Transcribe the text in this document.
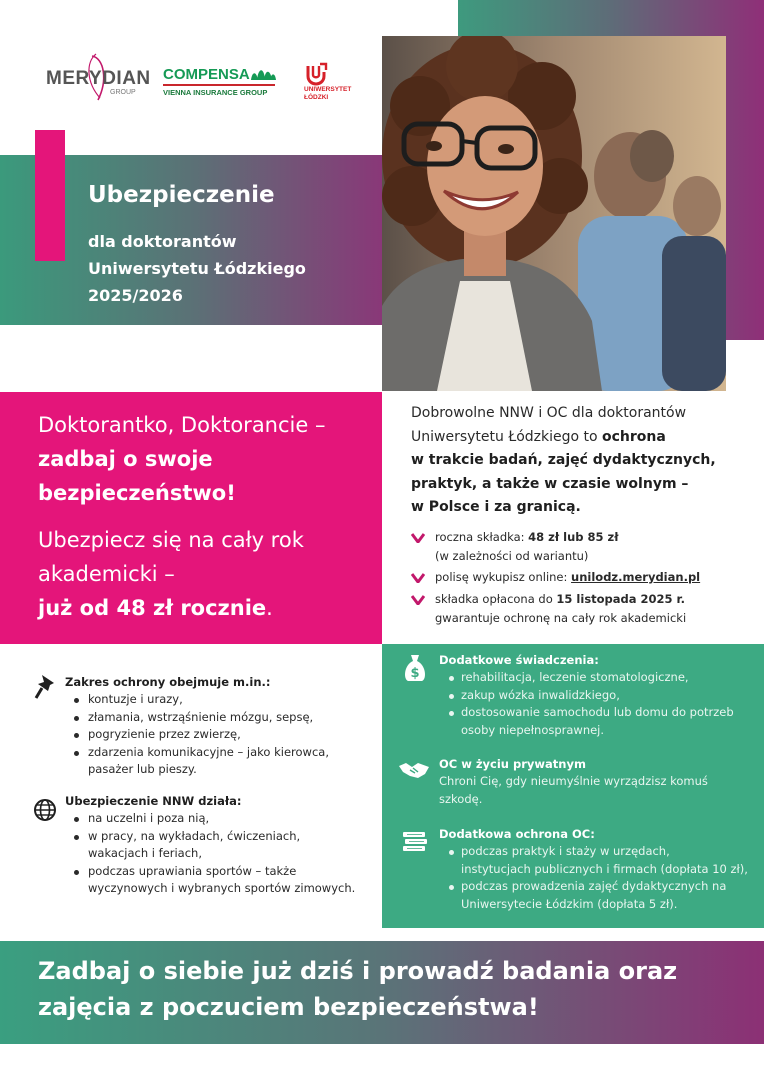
MERYDIAN
GROUP
COMPENSA
VIENNA INSURANCE GROUP	UNIWERSYTET
ŁÓDZKI
Ubezpieczenie
dla doktorantów
Uniwersytetu Łódzkiego
2025/2026
Doktorantko, Doktorancie –
zadbaj o swoje
bezpieczeństwo!
Ubezpiecz się na cały rok
akademicki –
już od 48 zł rocznie.
Dobrowolne NNW i OC dla doktorantów
Uniwersytetu Łódzkiego to ochrona
w trakcie badań, zajęć dydaktycznych,
praktyk, a także w czasie wolnym –
w Polsce i za granicą.
roczna składka: 48 zł lub 85 zł
(w zależności od wariantu)
polisę wykupisz online: unilodz.merydian.pl
składka opłacona do 15 listopada 2025 r.
gwarantuje ochronę na cały rok akademicki
Zakres ochrony obejmuje m.in.:
kontuzje i urazy,
złamania, wstrząśnienie mózgu, sepsę,
pogryzienie przez zwierzę,
zdarzenia komunikacyjne – jako kierowca,
pasażer lub pieszy.
Ubezpieczenie NNW działa:
na uczelni i poza nią,
w pracy, na wykładach, ćwiczeniach,
wakacjach i feriach,
podczas uprawiania sportów – także
wyczynowych i wybranych sportów zimowych.
$
Dodatkowe świadczenia:
rehabilitacja, leczenie stomatologiczne,
zakup wózka inwalidzkiego,
dostosowanie samochodu lub domu do potrzeb
osoby niepełnosprawnej.
OC w życiu prywatnym
Chroni Cię, gdy nieumyślnie wyrządzisz komuś
szkodę.
Dodatkowa ochrona OC:
podczas praktyk i staży w urzędach,
instytucjach publicznych i firmach (dopłata 10 zł),
podczas prowadzenia zajęć dydaktycznych na
Uniwersytecie Łódzkim (dopłata 5 zł).
Zadbaj o siebie już dziś i prowadź badania oraz
zajęcia z poczuciem bezpieczeństwa!
